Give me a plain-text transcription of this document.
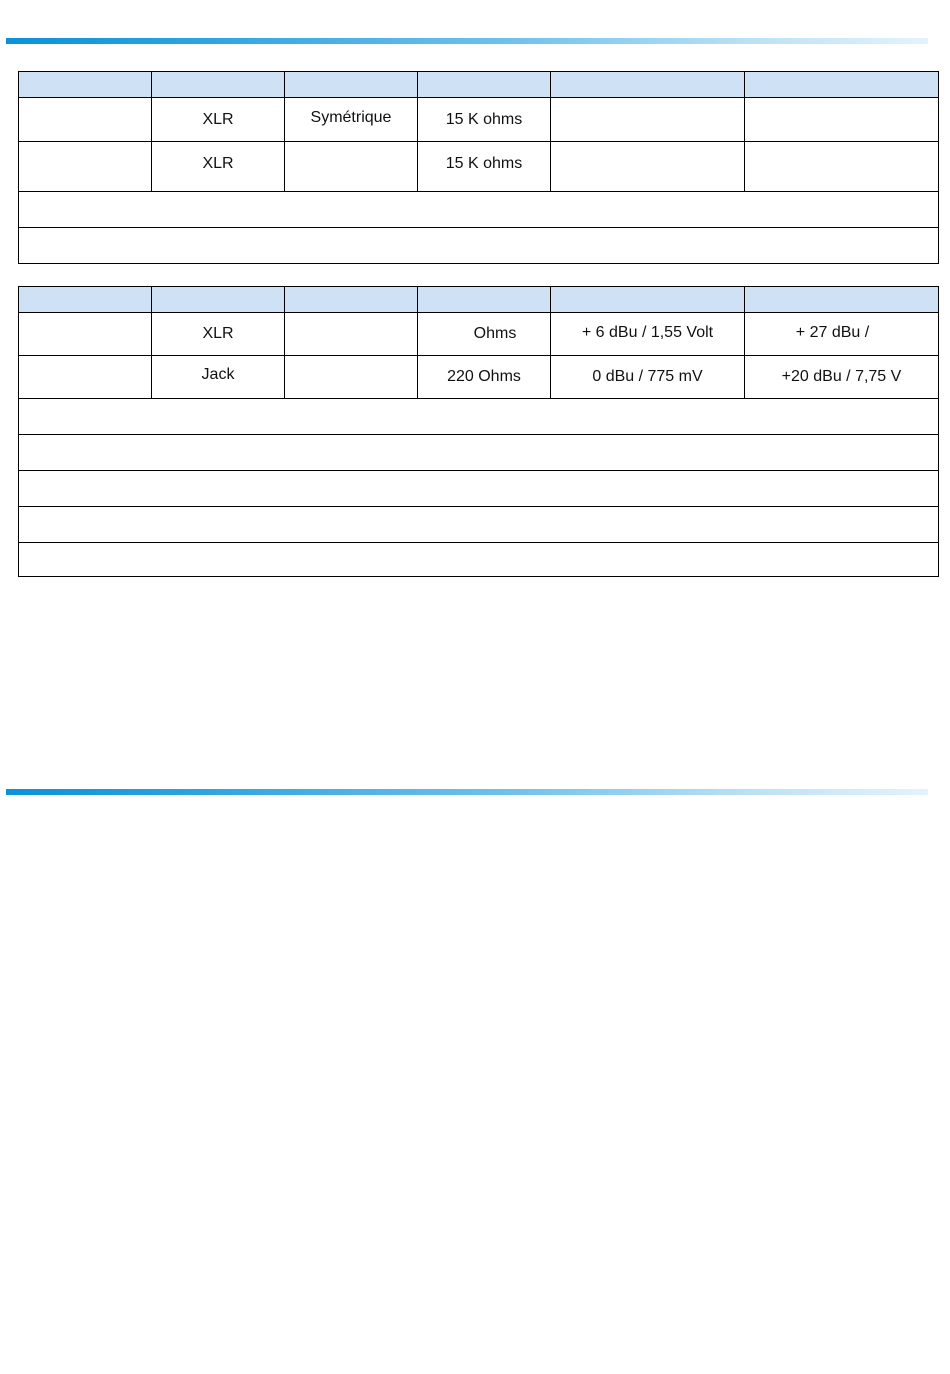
	XLR	Symétrique	15 K ohms		
	XLR		15 K ohms		

	XLR		Ohms	+ 6 dBu / 1,55 Volt	+ 27 dBu /
	Jack		220 Ohms	0 dBu / 775 mV	+20 dBu / 7,75 V
